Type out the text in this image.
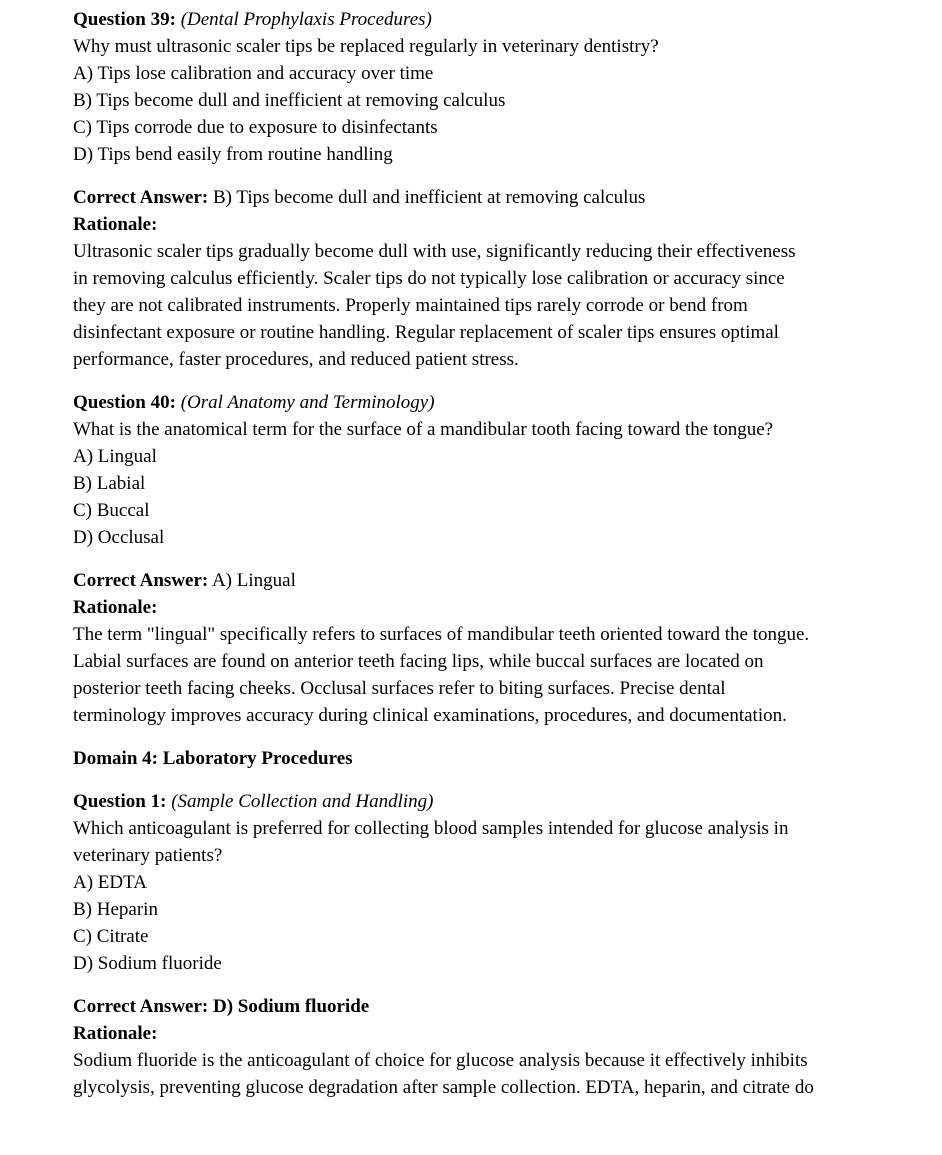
Question 39: (Dental Prophylaxis Procedures)
Why must ultrasonic scaler tips be replaced regularly in veterinary dentistry?
A) Tips lose calibration and accuracy over time
B) Tips become dull and inefficient at removing calculus
C) Tips corrode due to exposure to disinfectants
D) Tips bend easily from routine handling
Correct Answer: B) Tips become dull and inefficient at removing calculus
Rationale:
Ultrasonic scaler tips gradually become dull with use, significantly reducing their effectiveness
in removing calculus efficiently. Scaler tips do not typically lose calibration or accuracy since
they are not calibrated instruments. Properly maintained tips rarely corrode or bend from
disinfectant exposure or routine handling. Regular replacement of scaler tips ensures optimal
performance, faster procedures, and reduced patient stress.
Question 40: (Oral Anatomy and Terminology)
What is the anatomical term for the surface of a mandibular tooth facing toward the tongue?
A) Lingual
B) Labial
C) Buccal
D) Occlusal
Correct Answer: A) Lingual
Rationale:
The term "lingual" specifically refers to surfaces of mandibular teeth oriented toward the tongue.
Labial surfaces are found on anterior teeth facing lips, while buccal surfaces are located on
posterior teeth facing cheeks. Occlusal surfaces refer to biting surfaces. Precise dental
terminology improves accuracy during clinical examinations, procedures, and documentation.
Domain 4: Laboratory Procedures
Question 1: (Sample Collection and Handling)
Which anticoagulant is preferred for collecting blood samples intended for glucose analysis in
veterinary patients?
A) EDTA
B) Heparin
C) Citrate
D) Sodium fluoride
Correct Answer: D) Sodium fluoride
Rationale:
Sodium fluoride is the anticoagulant of choice for glucose analysis because it effectively inhibits
glycolysis, preventing glucose degradation after sample collection. EDTA, heparin, and citrate do
